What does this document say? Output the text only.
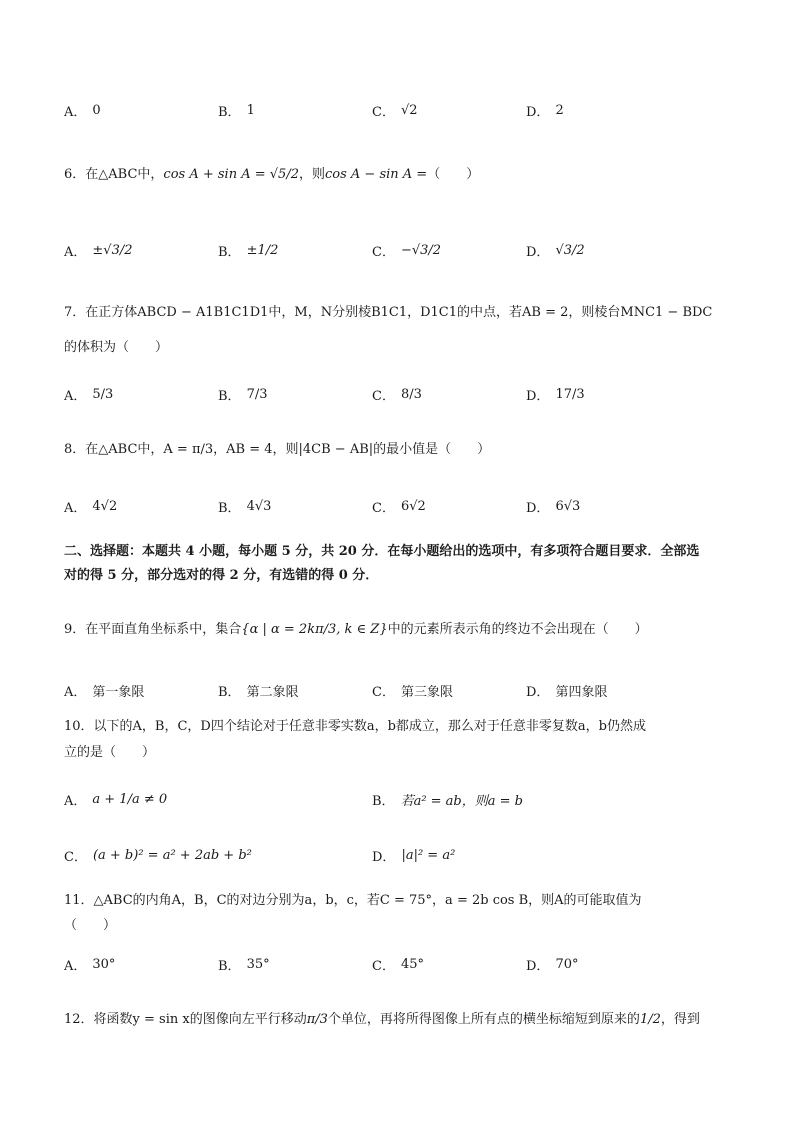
A． 0	B． 1	C． √2	D． 2
6．在△ABC中，cos A + sin A = √5/2，则cos A − sin A =（　　）
A． ±√3/2	B． ±1/2	C． −√3/2	D． √3/2
7．在正方体ABCD − A1B1C1D1中，M，N分别棱B1C1，D1C1的中点，若AB = 2，则棱台MNC1 − BDC
的体积为（　　）
A． 5/3	B． 7/3	C． 8/3	D． 17/3
8．在△ABC中，A = π/3，AB = 4，则|4CB − AB|的最小值是（　　）
A． 4√2	B． 4√3	C． 6√2	D． 6√3
二、选择题：本题共 4 小题，每小题 5 分，共 20 分．在每小题给出的选项中，有多项符合题目要求．全部选
对的得 5 分，部分选对的得 2 分，有选错的得 0 分．
9．在平面直角坐标系中，集合{α | α = 2kπ/3, k ∈ Z}中的元素所表示角的终边不会出现在（　　）
A． 第一象限	B． 第二象限	C． 第三象限	D． 第四象限
10．以下的A，B，C，D四个结论对于任意非零实数a，b都成立，那么对于任意非零复数a，b仍然成
立的是（　　）
A． a + 1/a ≠ 0	B． 若a² = ab，则a = b
C． (a + b)² = a² + 2ab + b²	D． |a|² = a²
11．△ABC的内角A，B，C的对边分别为a，b，c，若C = 75°，a = 2b cos B，则A的可能取值为
（　　）
A． 30°	B． 35°	C． 45°	D． 70°
12． 将函数y = sin x的图像向左平行移动 π/3 个单位，再将所得图像上所有点的横坐标缩短到原来的 1/2 ，得到
